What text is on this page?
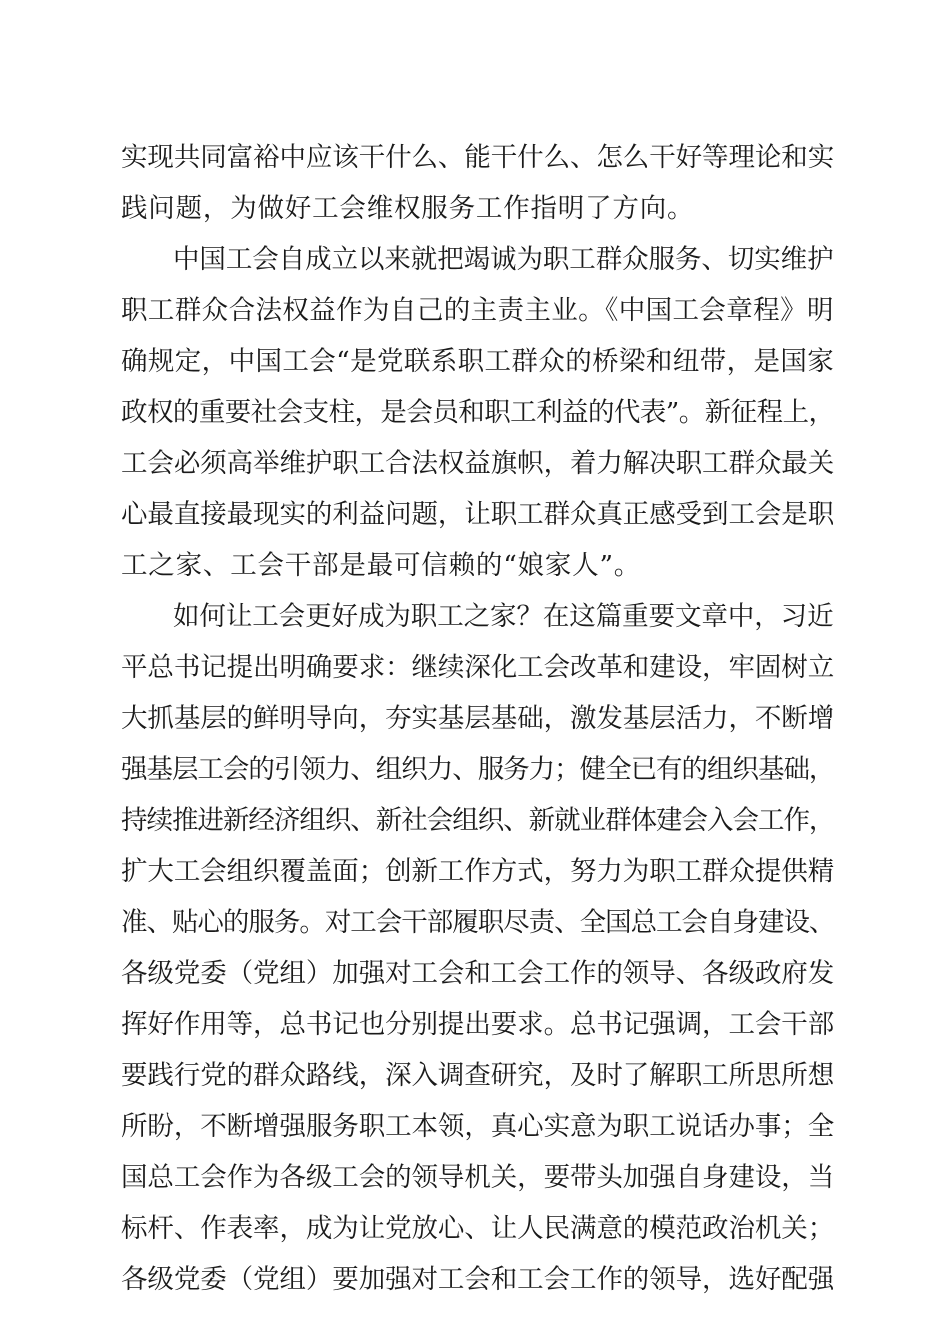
实现共同富裕中应该干什么、能干什么、怎么干好等理论和实
践问题，为做好工会维权服务工作指明了方向。
中国工会自成立以来就把竭诚为职工群众服务、切实维护
职工群众合法权益作为自己的主责主业。《中国工会章程》明
确规定，中国工会“是党联系职工群众的桥梁和纽带，是国家
政权的重要社会支柱，是会员和职工利益的代表”。新征程上，
工会必须高举维护职工合法权益旗帜，着力解决职工群众最关
心最直接最现实的利益问题，让职工群众真正感受到工会是职
工之家、工会干部是最可信赖的“娘家人”。
如何让工会更好成为职工之家？在这篇重要文章中，习近
平总书记提出明确要求：继续深化工会改革和建设，牢固树立
大抓基层的鲜明导向，夯实基层基础，激发基层活力，不断增
强基层工会的引领力、组织力、服务力；健全已有的组织基础，
持续推进新经济组织、新社会组织、新就业群体建会入会工作，
扩大工会组织覆盖面；创新工作方式，努力为职工群众提供精
准、贴心的服务。对工会干部履职尽责、全国总工会自身建设、
各级党委（党组）加强对工会和工会工作的领导、各级政府发
挥好作用等，总书记也分别提出要求。总书记强调，工会干部
要践行党的群众路线，深入调查研究，及时了解职工所思所想
所盼，不断增强服务职工本领，真心实意为职工说话办事；全
国总工会作为各级工会的领导机关，要带头加强自身建设，当
标杆、作表率，成为让党放心、让人民满意的模范政治机关；
各级党委（党组）要加强对工会和工会工作的领导，选好配强
